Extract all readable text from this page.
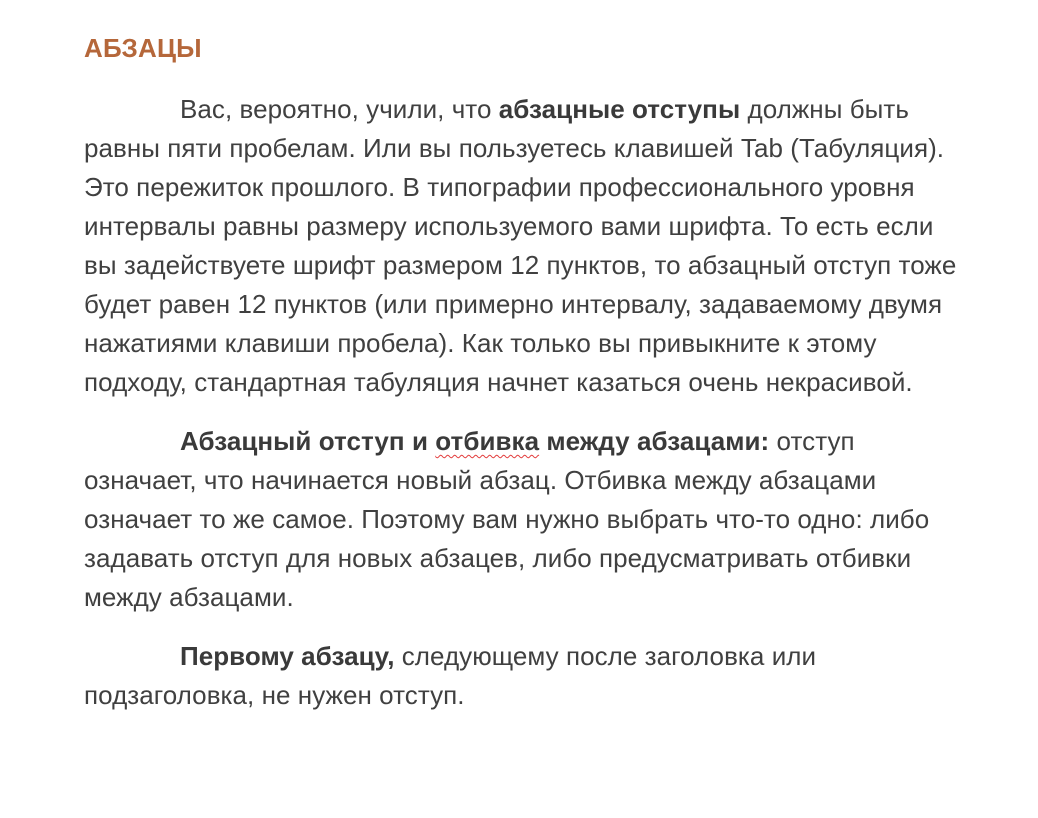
АБЗАЦЫ

Вас, вероятно, учили, что абзацные отступы должны быть равны пяти пробелам. Или вы пользуетесь клавишей Tab (Табуляция). Это пережиток прошлого. В типографии профессионального уровня интервалы равны размеру используемого вами шрифта. То есть если вы задействуете шрифт размером 12 пунктов, то абзацный отступ тоже будет равен 12 пунктов (или примерно интервалу, задаваемому двумя нажатиями клавиши пробела). Как только вы привыкните к этому подходу, стандартная табуляция начнет казаться очень некрасивой.

Абзацный отступ и отбивка между абзацами: отступ означает, что начинается новый абзац. Отбивка между абзацами означает то же самое. Поэтому вам нужно выбрать что-то одно: либо задавать отступ для новых абзацев, либо предусматривать отбивки между абзацами.

Первому абзацу, следующему после заголовка или подзаголовка, не нужен отступ.
